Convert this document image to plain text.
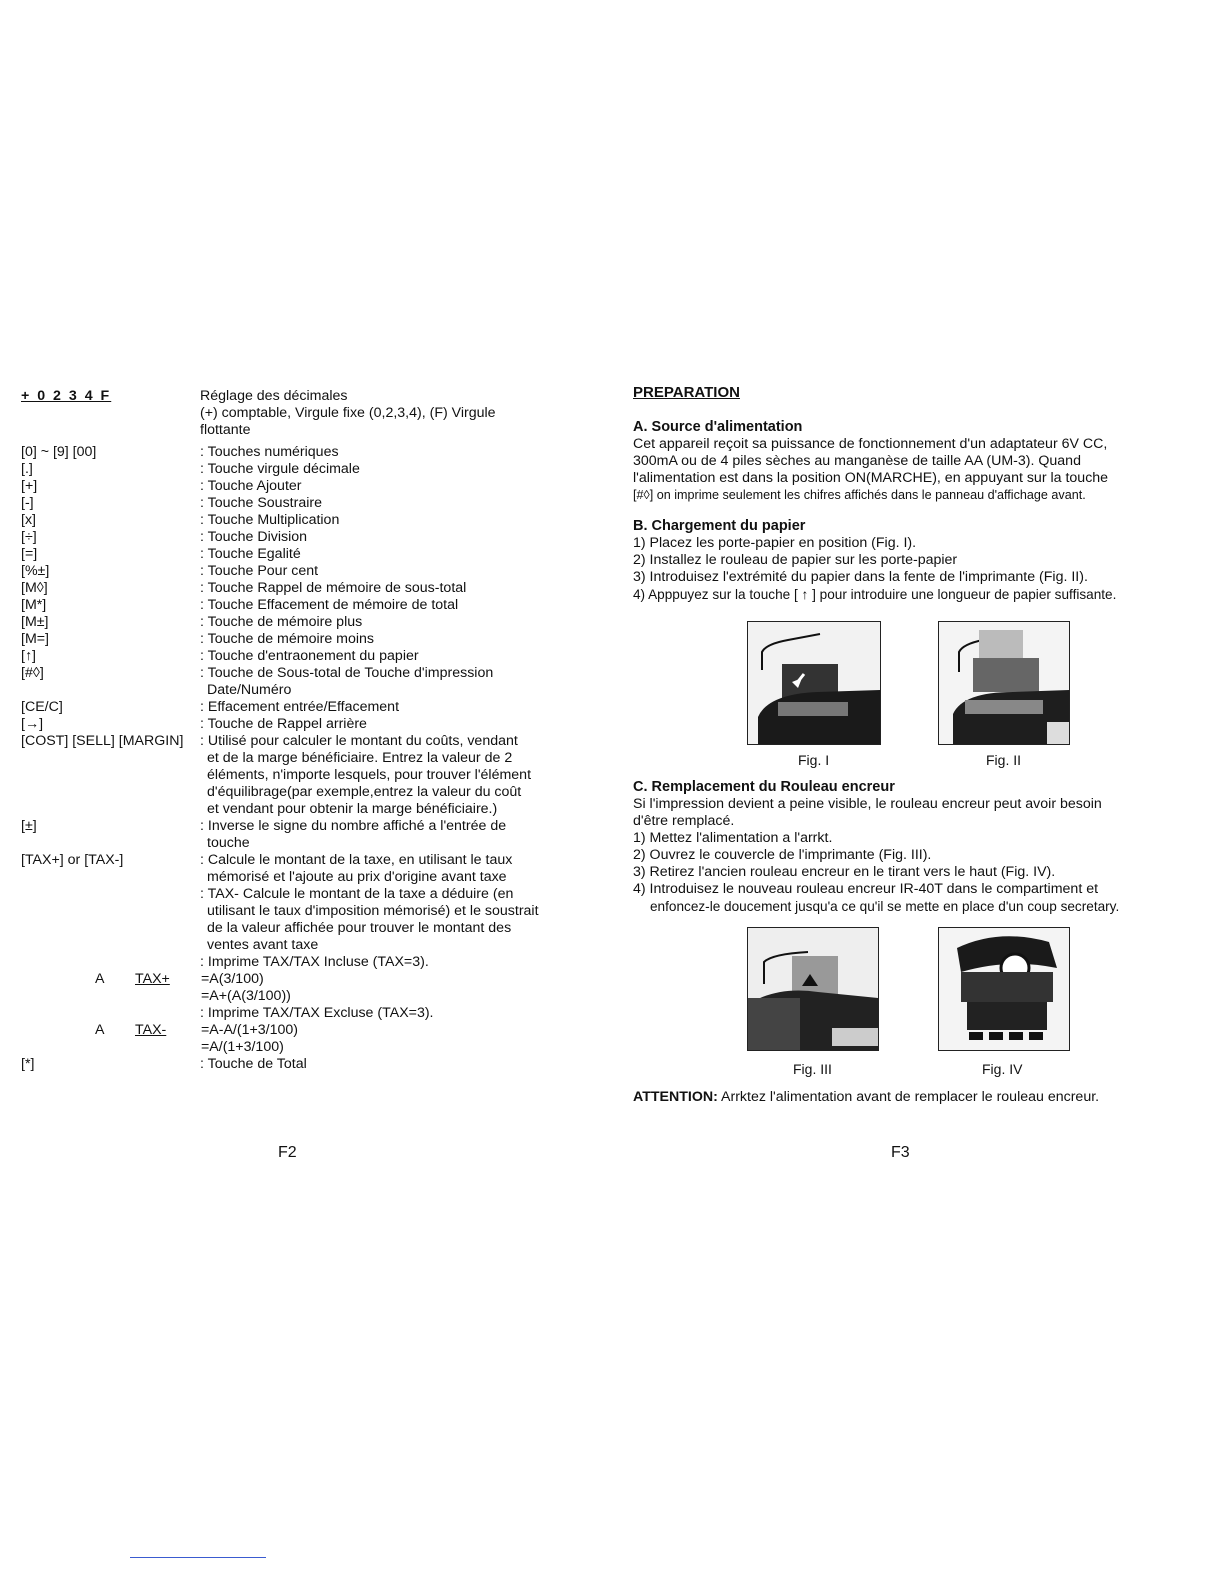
+ 0 2 3 4 F	Réglage des décimales
(+) comptable, Virgule fixe (0,2,3,4), (F) Virgule
flottante
[0] ~ [9] [00]	: Touches numériques
[.]	: Touche virgule décimale
[+]	: Touche Ajouter
[-]	: Touche Soustraire
[x]	: Touche Multiplication
[÷]	: Touche Division
[=]	: Touche Egalité
[%±]	: Touche Pour cent
[M◊]	: Touche Rappel de mémoire de sous-total
[M*]	: Touche Effacement de mémoire de total
[M±]	: Touche de mémoire plus
[M=]	: Touche de mémoire moins
[↑]	: Touche d'entraonement du papier
[#◊]	: Touche de Sous-total de Touche d'impression
Date/Numéro
[CE/C]	: Effacement entrée/Effacement
[→]	: Touche de Rappel arrière
[COST] [SELL] [MARGIN]	: Utilisé pour calculer le montant du coûts, vendant
et de la marge bénéficiaire. Entrez la valeur de 2
éléments, n'importe lesquels, pour trouver l'élément
d'équilibrage(par exemple,entrez la valeur du coût
et vendant pour obtenir la marge bénéficiaire.)
[±]	: Inverse le signe du nombre affiché a l'entrée de
touche
[TAX+] or [TAX-]	: Calcule le montant de la taxe, en utilisant le taux
mémorisé et l'ajoute au prix d'origine avant taxe
: TAX- Calcule le montant de la taxe a déduire (en
utilisant le taux d'imposition mémorisé) et le soustrait
de la valeur affichée pour trouver le montant des
ventes avant taxe
: Imprime TAX/TAX Incluse (TAX=3).
A	TAX+	=A(3/100)
=A+(A(3/100))
: Imprime TAX/TAX Excluse (TAX=3).
A	TAX-	=A-A/(1+3/100)
=A/(1+3/100)
[*]	: Touche de Total
F2
PREPARATION
A. Source d'alimentation
Cet appareil reçoit sa puissance de fonctionnement d'un adaptateur 6V CC,
300mA ou de 4 piles sèches au manganèse de taille AA (UM-3). Quand
l'alimentation est dans la position ON(MARCHE), en appuyant sur la touche
[#◊] on imprime seulement les chifres affichés dans le panneau d'affichage avant.
B. Chargement du papier
1) Placez les porte-papier en position (Fig. I).
2) Installez le rouleau de papier sur les porte-papier
3) Introduisez l'extrémité du papier dans la fente de l'imprimante (Fig. II).
4) Apppuyez sur la touche [ ↑ ] pour introduire une longueur de papier suffisante.
Fig. I	Fig. II
C. Remplacement du Rouleau encreur
Si l'impression devient a peine visible, le rouleau encreur peut avoir besoin
d'être remplacé.
1) Mettez l'alimentation a l'arrkt.
2) Ouvrez le couvercle de l'imprimante (Fig. III).
3) Retirez l'ancien rouleau encreur en le tirant vers le haut (Fig. IV).
4) Introduisez le nouveau rouleau encreur IR-40T dans le compartiment et
enfoncez-le doucement jusqu'a ce qu'il se mette en place d'un coup secretary.
Fig. III	Fig. IV
ATTENTION: Arrktez l'alimentation avant de remplacer le rouleau encreur.
F3
